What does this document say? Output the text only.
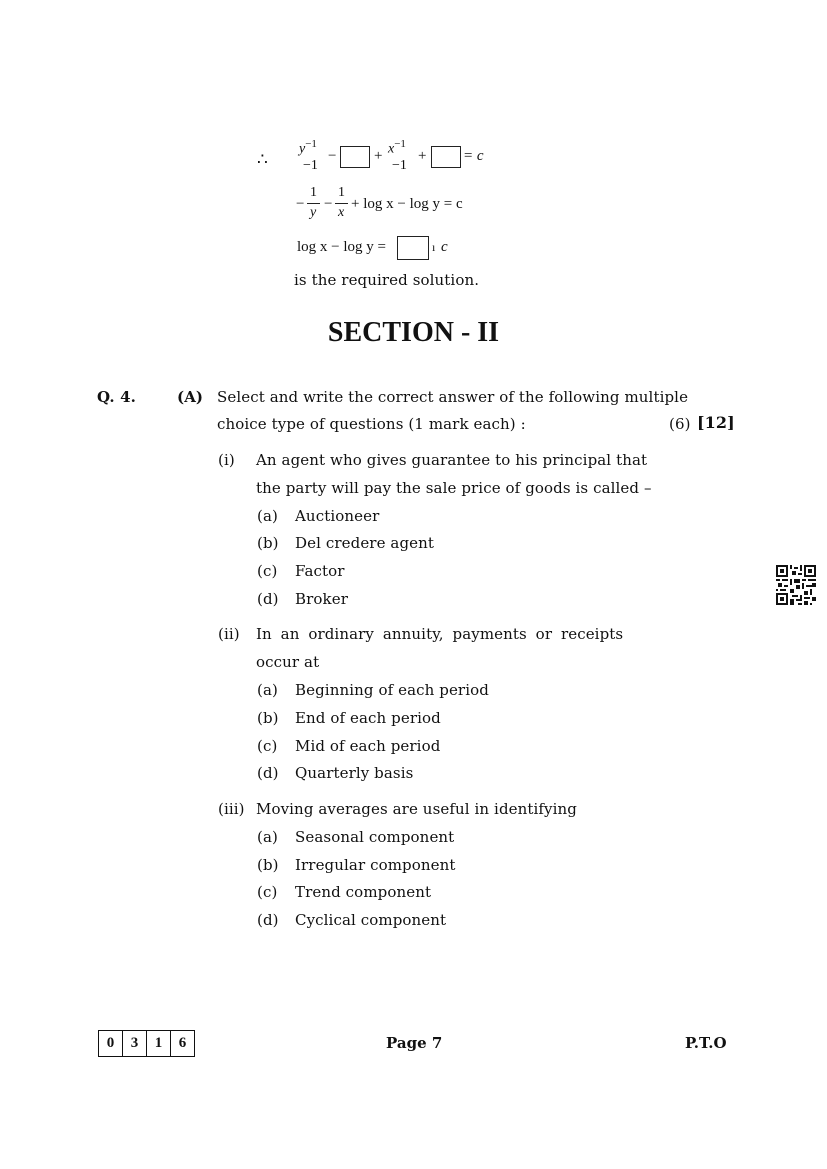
∴
$y^{-1}$
−1
−	+ $x^{-1}$
−1
+ = c
−
1
y
−
1
x
+ log x − log y = c
log x − log y =	ı c
is the required solution.
SECTION - II
Q. 4.	(A) Select and write the correct answer of the following multiple
choice type of questions (1 mark each) :	(6) [12]
(i) An agent who gives guarantee to his principal that
the party will pay the sale price of goods is called –
(a) Auctioneer
(b) Del credere agent
(c) Factor
(d) Broker
(ii) In an ordinary annuity, payments or receipts
occur at
(a) Beginning of each period
(b) End of each period
(c) Mid of each period
(d) Quarterly basis
(iii) Moving averages are useful in identifying
(a) Seasonal component
(b) Irregular component
(c) Trend component
(d) Cyclical component
0	3	1	6	Page 7	P.T.O
